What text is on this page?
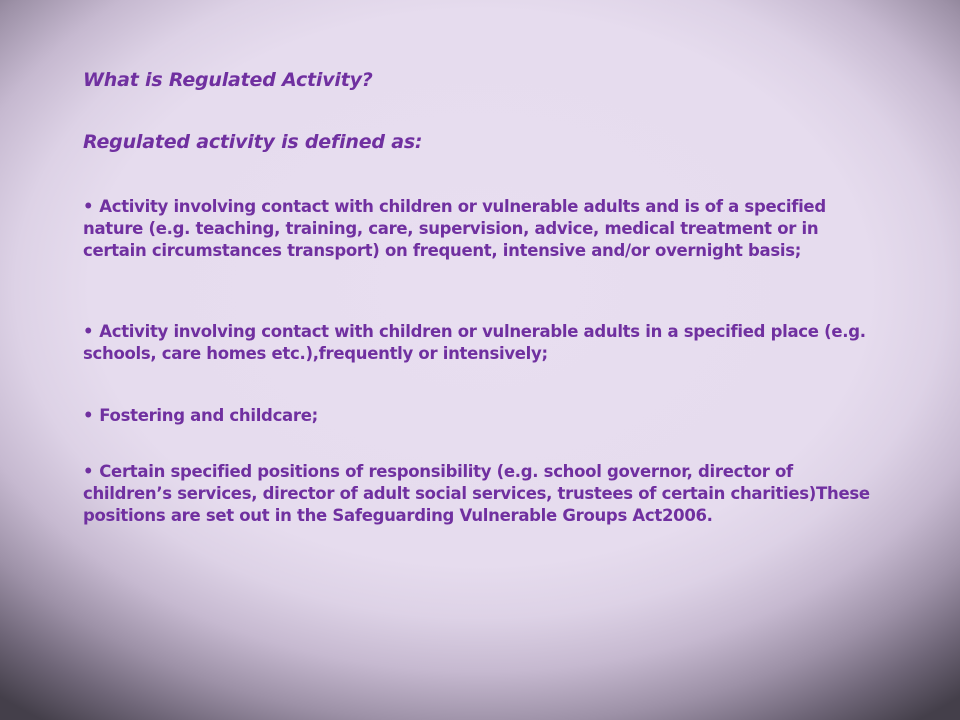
What is Regulated Activity?

Regulated activity is defined as:

• Activity involving contact with children or vulnerable adults and is of a specified nature (e.g. teaching, training, care, supervision, advice, medical treatment or in certain circumstances transport) on frequent, intensive and/or overnight basis;

• Activity involving contact with children or vulnerable adults in a specified place (e.g. schools, care homes etc.),frequently or intensively;

• Fostering and childcare;

• Certain specified positions of responsibility (e.g. school governor, director of children’s services, director of adult social services, trustees of certain charities)These positions are set out in the Safeguarding Vulnerable Groups Act2006.
